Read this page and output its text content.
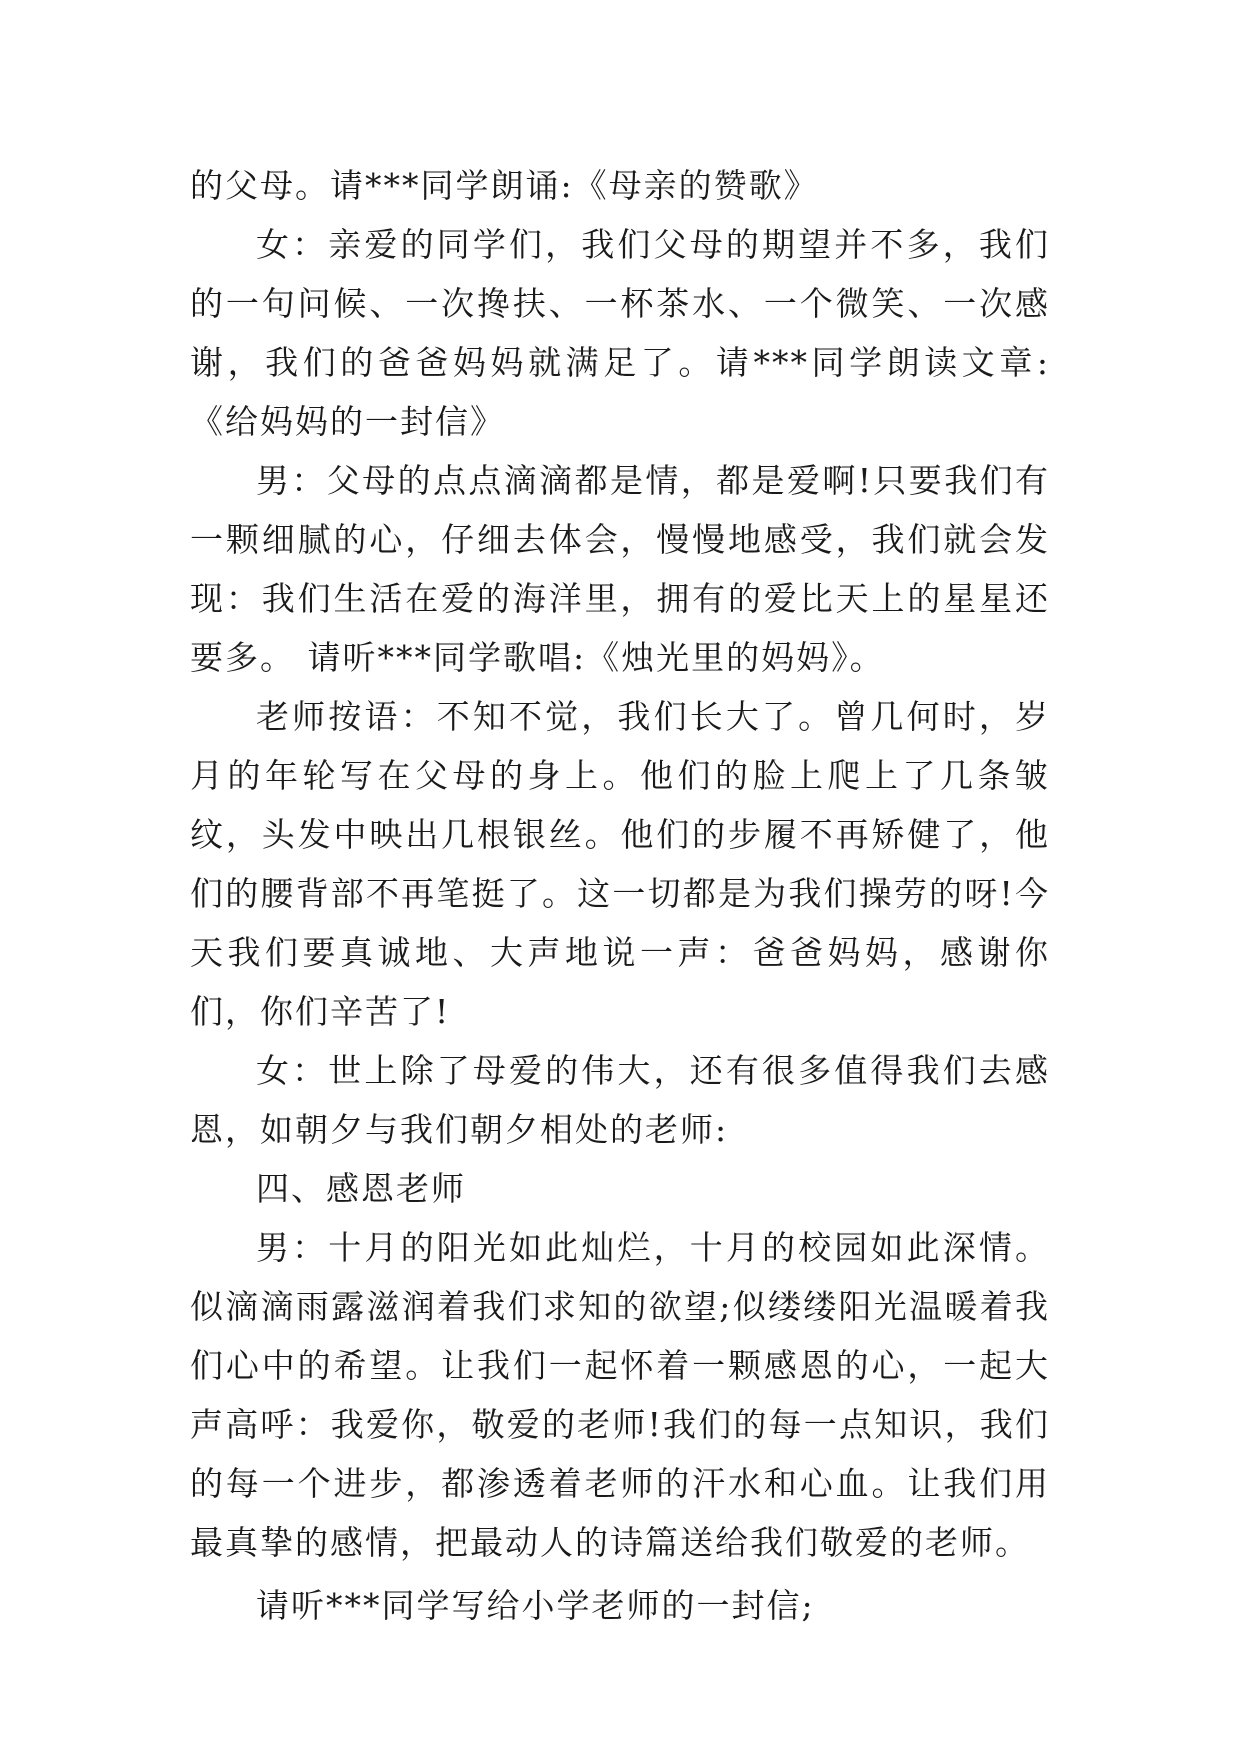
的父母。请***同学朗诵:《母亲的赞歌》

女：亲爱的同学们，我们父母的期望并不多，我们的一句问候、一次搀扶、一杯茶水、一个微笑、一次感谢，我们的爸爸妈妈就满足了。请***同学朗读文章:《给妈妈的一封信》

男：父母的点点滴滴都是情，都是爱啊!只要我们有一颗细腻的心，仔细去体会，慢慢地感受，我们就会发现：我们生活在爱的海洋里，拥有的爱比天上的星星还要多。 请听***同学歌唱:《烛光里的妈妈》。

老师按语：不知不觉，我们长大了。曾几何时，岁月的年轮写在父母的身上。他们的脸上爬上了几条皱纹，头发中映出几根银丝。他们的步履不再矫健了，他们的腰背部不再笔挺了。这一切都是为我们操劳的呀!今天我们要真诚地、大声地说一声：爸爸妈妈，感谢你们，你们辛苦了!

女：世上除了母爱的伟大，还有很多值得我们去感恩，如朝夕与我们朝夕相处的老师:

四、感恩老师

男：十月的阳光如此灿烂，十月的校园如此深情。似滴滴雨露滋润着我们求知的欲望;似缕缕阳光温暖着我们心中的希望。让我们一起怀着一颗感恩的心，一起大声高呼：我爱你，敬爱的老师!我们的每一点知识，我们的每一个进步，都渗透着老师的汗水和心血。让我们用最真挚的感情，把最动人的诗篇送给我们敬爱的老师。

请听***同学写给小学老师的一封信;
